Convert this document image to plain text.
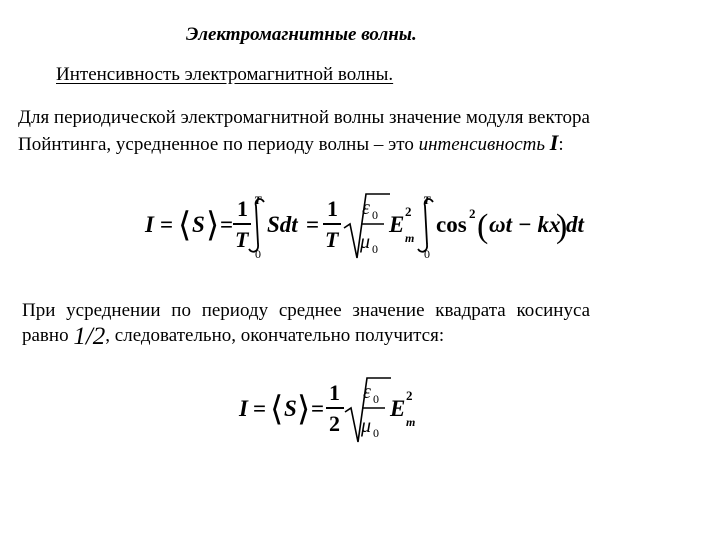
Электромагнитные волны.
Интенсивность электромагнитной волны.
Для периодической электромагнитной волны значение модуля вектора
Пойнтинга, усредненное по периоду волны – это интенсивность I:
I = ⟨ S ⟩ =
1
T
T
0
Sdt =
1
T
ε 0
μ 0
E
2
m
T
0
cos 2 ( ωt − kx
)
dt
При усреднении по периоду среднее значение квадрата косинуса
равно 1/2, следовательно, окончательно получится:
I = ⟨ S ⟩ =
1
2
ε 0
μ 0
E
2
m
